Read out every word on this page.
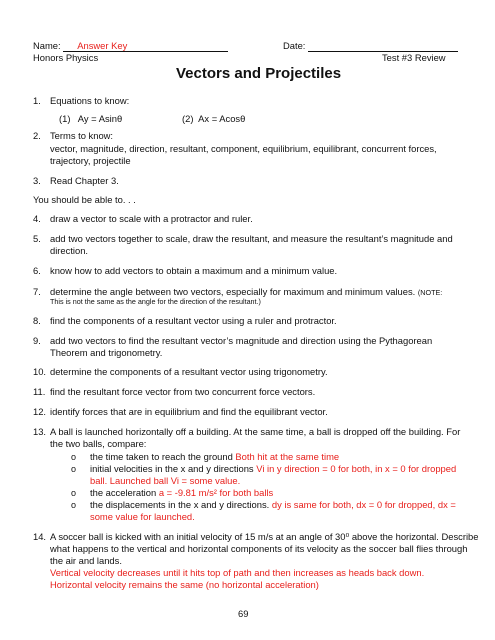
Name: Answer Key	Date:
Honors Physics	Test #3 Review
Vectors and Projectiles
1. Equations to know:
(1) Ay = Asinθ	(2) Ax = Acosθ
2. Terms to know:
vector, magnitude, direction, resultant, component, equilibrium, equilibrant, concurrent forces, trajectory, projectile
3. Read Chapter 3.
You should be able to. . .
4. draw a vector to scale with a protractor and ruler.
5. add two vectors together to scale, draw the resultant, and measure the resultant’s magnitude and direction.
6. know how to add vectors to obtain a maximum and a minimum value.
7. determine the angle between two vectors, especially for maximum and minimum values. (NOTE:
This is not the same as the angle for the direction of the resultant.)
8. find the components of a resultant vector using a ruler and protractor.
9. add two vectors to find the resultant vector’s magnitude and direction using the Pythagorean Theorem and trigonometry.
10. determine the components of a resultant vector using trigonometry.
11. find the resultant force vector from two concurrent force vectors.
12. identify forces that are in equilibrium and find the equilibrant vector.
13. A ball is launched horizontally off a building. At the same time, a ball is dropped off the building. For the two balls, compare:
o the time taken to reach the ground Both hit at the same time
o initial velocities in the x and y directions Vi in y direction = 0 for both, in x = 0 for dropped ball. Launched ball Vi = some value.
o the acceleration a = -9.81 m/s² for both balls
o the displacements in the x and y directions. dy is same for both, dx = 0 for dropped, dx = some value for launched.
14. A soccer ball is kicked with an initial velocity of 15 m/s at an angle of 30⁰ above the horizontal. Describe what happens to the vertical and horizontal components of its velocity as the soccer ball flies through the air and lands.
Vertical velocity decreases until it hits top of path and then increases as heads back down.
Horizontal velocity remains the same (no horizontal acceleration)
69
